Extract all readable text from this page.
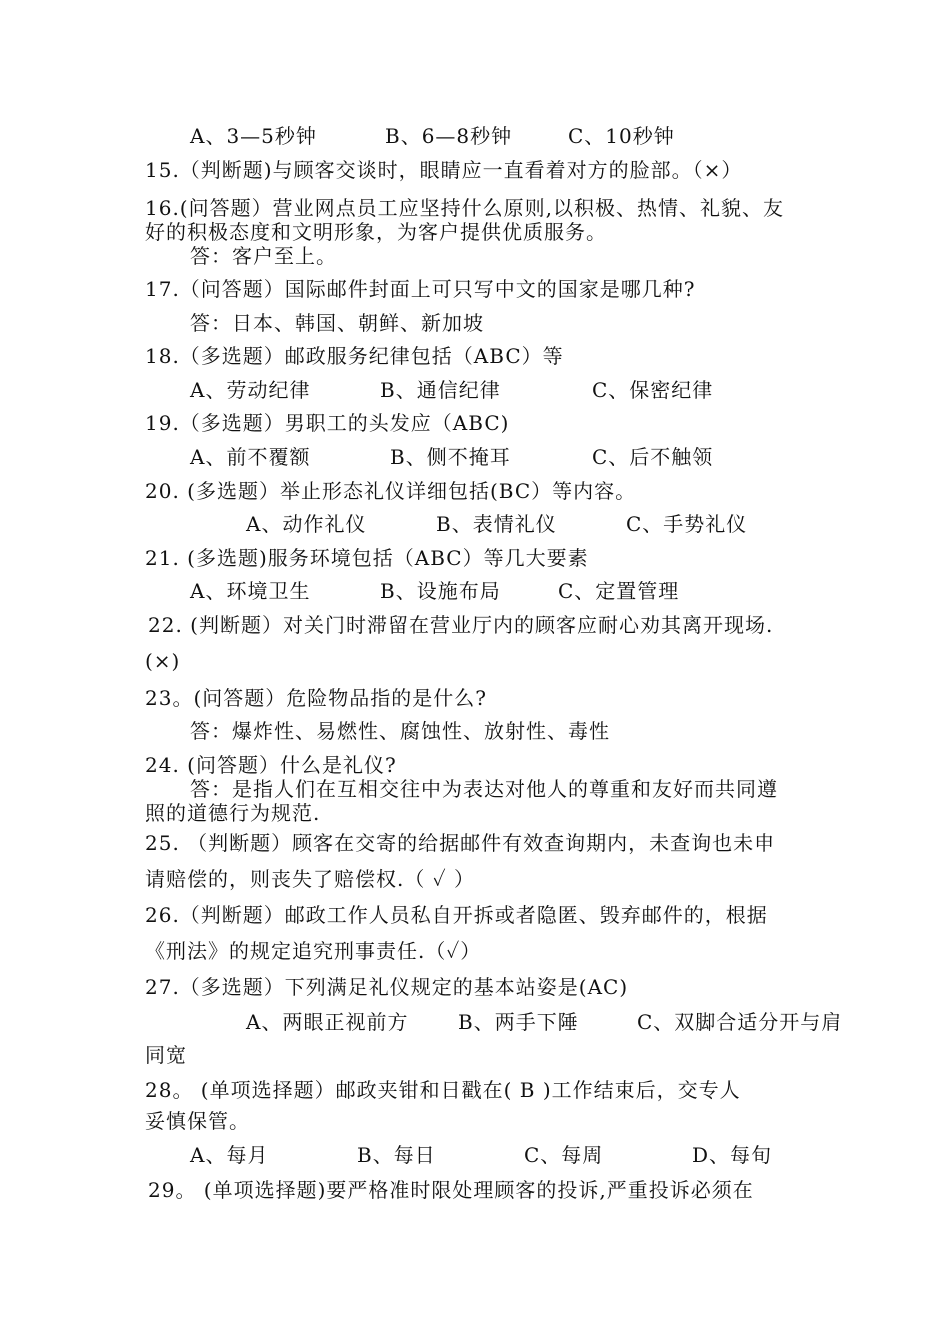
A、3—5秒钟	B、6—8秒钟	C、10秒钟
15.（判断题)与顾客交谈时，眼睛应一直看着对方的脸部。（×）
16.(问答题）营业网点员工应坚持什么原则,以积极、热情、礼貌、友
好的积极态度和文明形象，为客户提供优质服务。
答：客户至上。
17.（问答题）国际邮件封面上可只写中文的国家是哪几种?
答：日本、韩国、朝鲜、新加坡
18.（多选题）邮政服务纪律包括（ABC）等
A、劳动纪律	B、通信纪律	C、保密纪律
19.（多选题）男职工的头发应（ABC)
A、前不覆额	B、侧不掩耳	C、后不触领
20. (多选题）举止形态礼仪详细包括(BC）等内容。
A、动作礼仪	B、表情礼仪	C、手势礼仪
21. (多选题)服务环境包括（ABC）等几大要素
A、环境卫生	B、设施布局	C、定置管理
22. (判断题）对关门时滞留在营业厅内的顾客应耐心劝其离开现场.
(×)
23。(问答题）危险物品指的是什么?
答：爆炸性、易燃性、腐蚀性、放射性、毒性
24. (问答题）什么是礼仪?
答：是指人们在互相交往中为表达对他人的尊重和友好而共同遵
照的道德行为规范.
25. （判断题）顾客在交寄的给据邮件有效查询期内，未查询也未申
请赔偿的，则丧失了赔偿权.（ ✓ ）
26.（判断题）邮政工作人员私自开拆或者隐匿、毁弃邮件的，根据
《刑法》的规定追究刑事责任.（✓）
27.（多选题）下列满足礼仪规定的基本站姿是(AC)
A、两眼正视前方 B、两手下陲	C、双脚合适分开与肩
同宽
28。 (单项选择题）邮政夹钳和日戳在( B )工作结束后，交专人
妥慎保管。
A、每月	B、每日	C、每周	D、每旬
29。 (单项选择题)要严格准时限处理顾客的投诉,严重投诉必须在
